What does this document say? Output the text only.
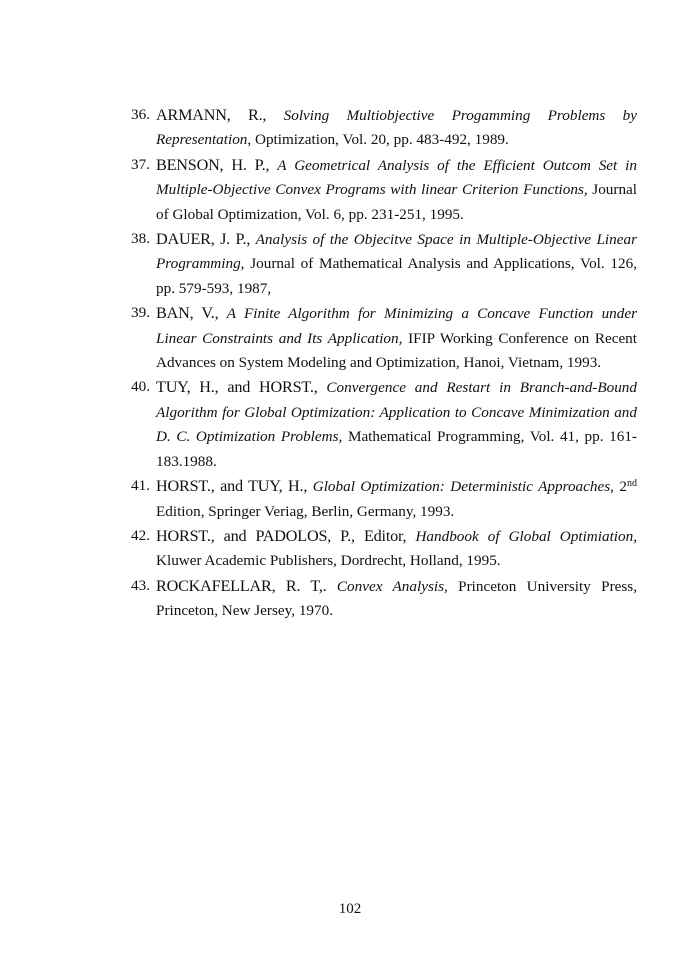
36. ARMANN, R., Solving Multiobjective Progamming Problems by Representation, Optimization, Vol. 20, pp. 483-492, 1989.
37. BENSON, H. P., A Geometrical Analysis of the Efficient Outcom Set in Multiple-Objective Convex Programs with linear Criterion Functions, Journal of Global Optimization, Vol. 6, pp. 231-251, 1995.
38. DAUER, J. P., Analysis of the Objecitve Space in Multiple-Objective Linear Programming, Journal of Mathematical Analysis and Applications, Vol. 126, pp. 579-593, 1987,
39. BAN, V., A Finite Algorithm for Minimizing a Concave Function under Linear Constraints and Its Application, IFIP Working Conference on Recent Advances on System Modeling and Optimization, Hanoi, Vietnam, 1993.
40. TUY, H., and HORST., Convergence and Restart in Branch-and-Bound Algorithm for Global Optimization: Application to Concave Minimization and D. C. Optimization Problems, Mathematical Programming, Vol. 41, pp. 161-183.1988.
41. HORST., and TUY, H., Global Optimization: Deterministic Approaches, 2nd Edition, Springer Veriag, Berlin, Germany, 1993.
42. HORST., and PADOLOS, P., Editor, Handbook of Global Optimiation, Kluwer Academic Publishers, Dordrecht, Holland, 1995.
43. ROCKAFELLAR, R. T,. Convex Analysis, Princeton University Press, Princeton, New Jersey, 1970.
102
